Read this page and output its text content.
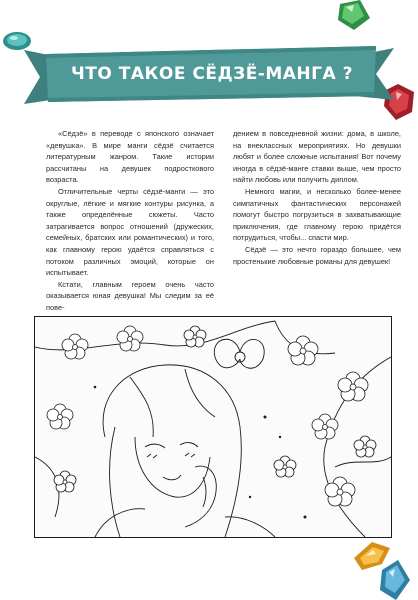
ЧТО ТАКОЕ СЁДЗЁ-МАНГА ?

«Сёдзё» в переводе с японского означает «девушка». В мире манги сёдзё считается литературным жанром. Такие истории рассчитаны на девушек подросткового возраста.

Отличительные черты сёдзё-манги — это округлые, лёгкие и мягкие контуры рисунка, а также определённые сюжеты. Часто затрагивается вопрос отношений (дружеских, семейных, братских или романтических) и того, как главному герою удаётся справляться с потоком различных эмоций, которые он испытывает.

Кстати, главным героем очень часто оказывается юная девушка! Мы следим за её пове-

дением в повседневной жизни: дома, в школе, на внеклассных мероприятиях. Но девушки любят и более сложные испытания! Вот почему иногда в сёдзё-манге ставки выше, чем просто найти любовь или получить диплом.

Немного магии, и несколько более-менее симпатичных фантастических персонажей помогут быстро погрузиться в захватывающие приключения, где главному герою придётся потрудиться, чтобы... спасти мир.

Сёдзё — это нечто гораздо большее, чем простенькие любовные романы для девушек!
